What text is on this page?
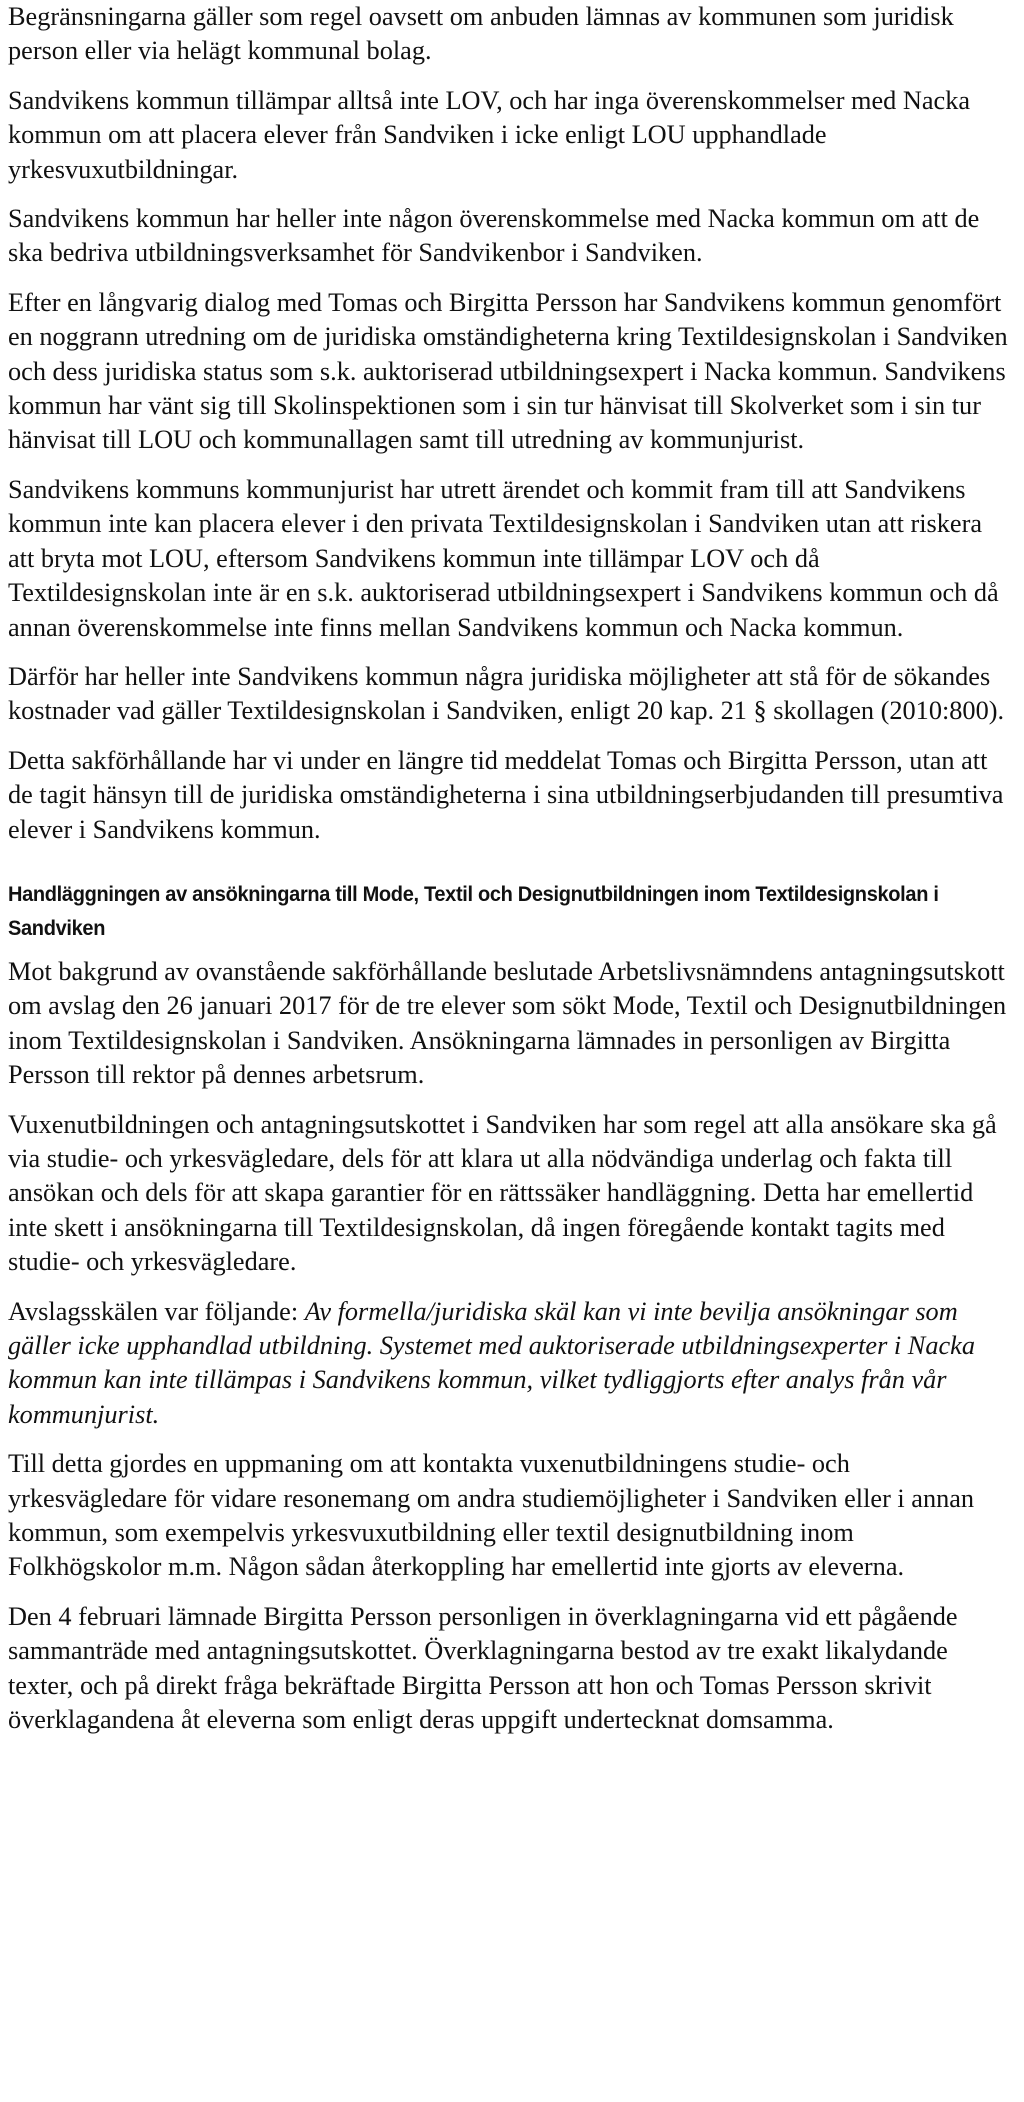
Begränsningarna gäller som regel oavsett om anbuden lämnas av kommunen som juridisk person eller via helägt kommunal bolag.

Sandvikens kommun tillämpar alltså inte LOV, och har inga överenskommelser med Nacka kommun om att placera elever från Sandviken i icke enligt LOU upphandlade yrkesvuxutbildningar.

Sandvikens kommun har heller inte någon överenskommelse med Nacka kommun om att de ska bedriva utbildningsverksamhet för Sandvikenbor i Sandviken.

Efter en långvarig dialog med Tomas och Birgitta Persson har Sandvikens kommun genomfört en noggrann utredning om de juridiska omständigheterna kring Textildesignskolan i Sandviken och dess juridiska status som s.k. auktoriserad utbildningsexpert i Nacka kommun. Sandvikens kommun har vänt sig till Skolinspektionen som i sin tur hänvisat till Skolverket som i sin tur hänvisat till LOU och kommunallagen samt till utredning av kommunjurist.

Sandvikens kommuns kommunjurist har utrett ärendet och kommit fram till att Sandvikens kommun inte kan placera elever i den privata Textildesignskolan i Sandviken utan att riskera att bryta mot LOU, eftersom Sandvikens kommun inte tillämpar LOV och då Textildesignskolan inte är en s.k. auktoriserad utbildningsexpert i Sandvikens kommun och då annan överenskommelse inte finns mellan Sandvikens kommun och Nacka kommun.

Därför har heller inte Sandvikens kommun några juridiska möjligheter att stå för de sökandes kostnader vad gäller Textildesignskolan i Sandviken, enligt 20 kap. 21 § skollagen (2010:800).

Detta sakförhållande har vi under en längre tid meddelat Tomas och Birgitta Persson, utan att de tagit hänsyn till de juridiska omständigheterna i sina utbildningserbjudanden till presumtiva elever i Sandvikens kommun.

Handläggningen av ansökningarna till Mode, Textil och Designutbildningen inom Textildesignskolan i Sandviken

Mot bakgrund av ovanstående sakförhållande beslutade Arbetslivsnämndens antagningsutskott om avslag den 26 januari 2017 för de tre elever som sökt Mode, Textil och Designutbildningen inom Textildesignskolan i Sandviken. Ansökningarna lämnades in personligen av Birgitta Persson till rektor på dennes arbetsrum.

Vuxenutbildningen och antagningsutskottet i Sandviken har som regel att alla ansökare ska gå via studie- och yrkesvägledare, dels för att klara ut alla nödvändiga underlag och fakta till ansökan och dels för att skapa garantier för en rättssäker handläggning. Detta har emellertid inte skett i ansökningarna till Textildesignskolan, då ingen föregående kontakt tagits med studie- och yrkesvägledare.

Avslagsskälen var följande: Av formella/juridiska skäl kan vi inte bevilja ansökningar som gäller icke upphandlad utbildning. Systemet med auktoriserade utbildningsexperter i Nacka kommun kan inte tillämpas i Sandvikens kommun, vilket tydliggjorts efter analys från vår kommunjurist.

Till detta gjordes en uppmaning om att kontakta vuxenutbildningens studie- och yrkesvägledare för vidare resonemang om andra studiemöjligheter i Sandviken eller i annan kommun, som exempelvis yrkesvuxutbildning eller textil designutbildning inom Folkhögskolor m.m. Någon sådan återkoppling har emellertid inte gjorts av eleverna.

Den 4 februari lämnade Birgitta Persson personligen in överklagningarna vid ett pågående sammanträde med antagningsutskottet. Överklagningarna bestod av tre exakt likalydande texter, och på direkt fråga bekräftade Birgitta Persson att hon och Tomas Persson skrivit överklagandena åt eleverna som enligt deras uppgift undertecknat domsamma.
